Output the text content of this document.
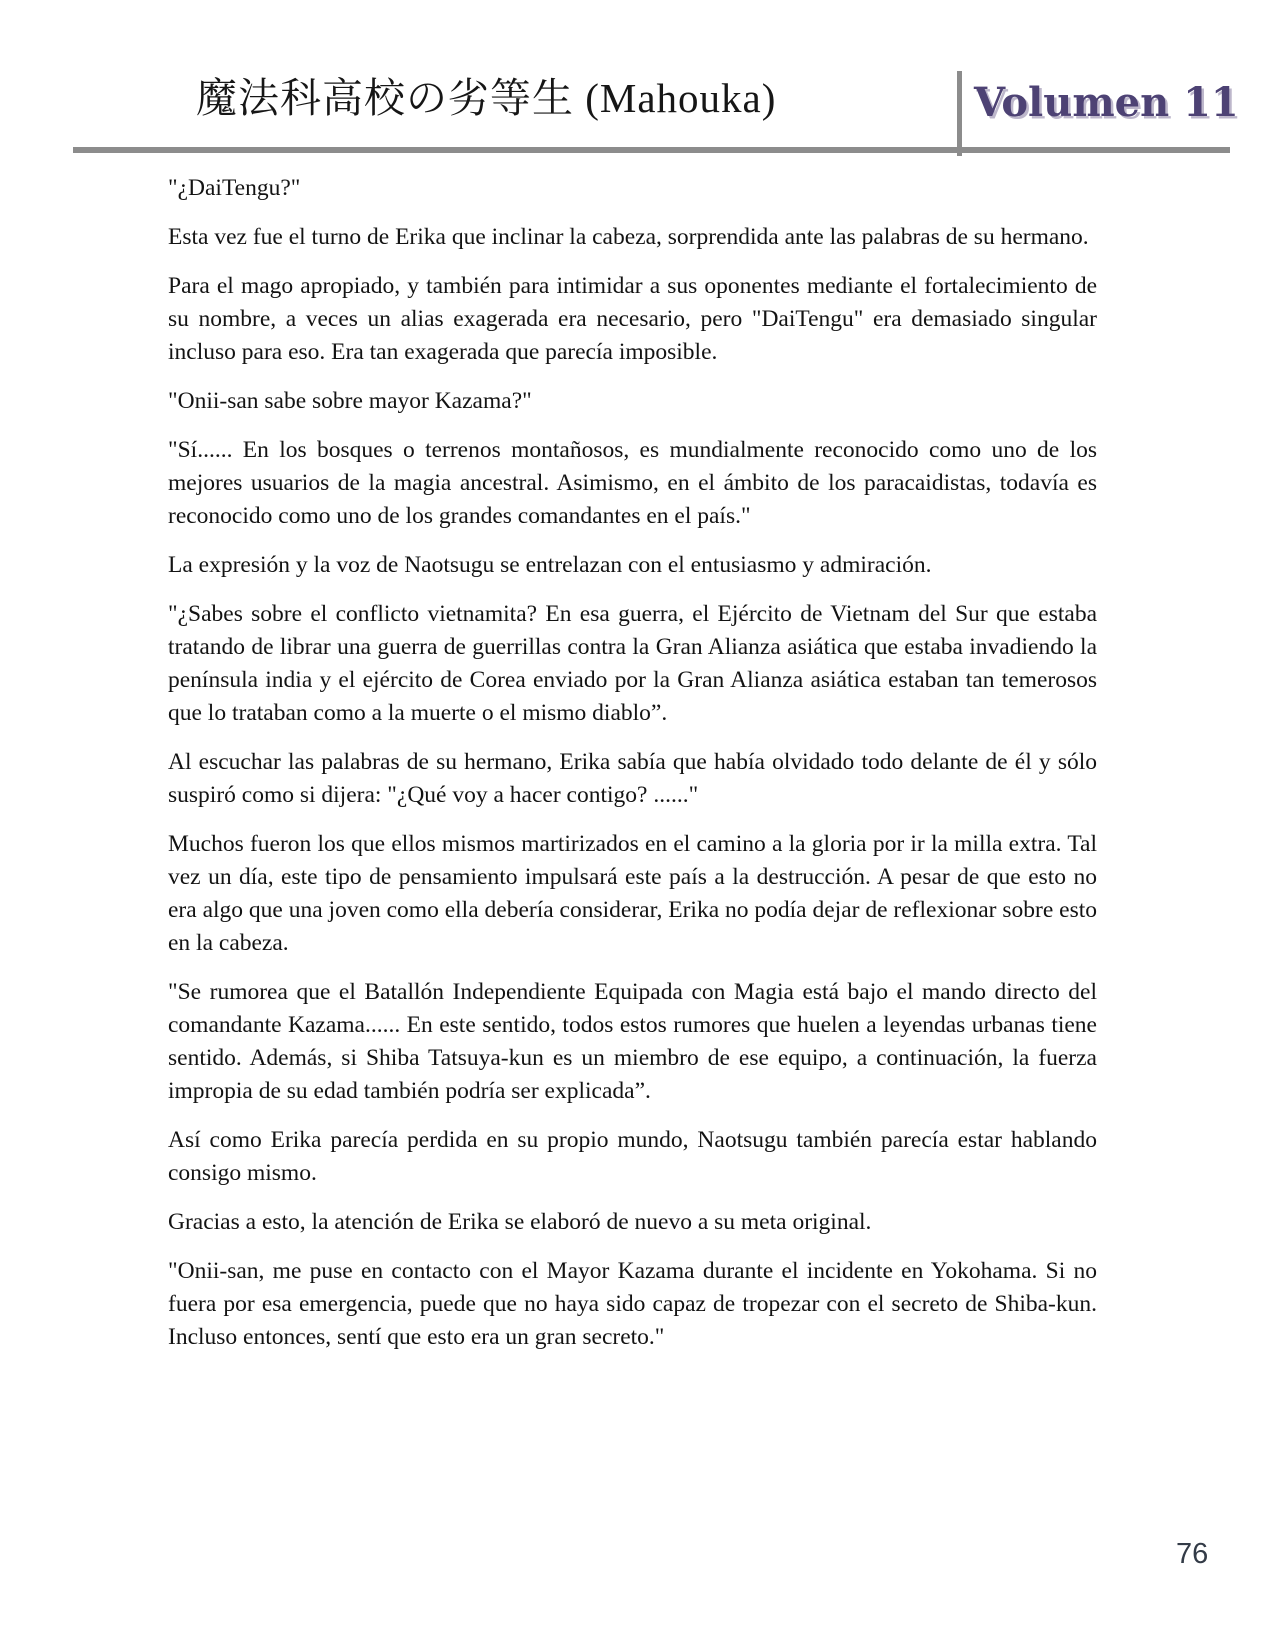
魔法科高校の劣等生 (Mahouka)	Volumen 11

"¿DaiTengu?"

Esta vez fue el turno de Erika que inclinar la cabeza, sorprendida ante las palabras de su hermano.

Para el mago apropiado, y también para intimidar a sus oponentes mediante el fortalecimiento de su nombre, a veces un alias exagerada era necesario, pero "DaiTengu" era demasiado singular incluso para eso. Era tan exagerada que parecía imposible.

"Onii-san sabe sobre mayor Kazama?"

"Sí...... En los bosques o terrenos montañosos, es mundialmente reconocido como uno de los mejores usuarios de la magia ancestral. Asimismo, en el ámbito de los paracaidistas, todavía es reconocido como uno de los grandes comandantes en el país."

La expresión y la voz de Naotsugu se entrelazan con el entusiasmo y admiración.

"¿Sabes sobre el conflicto vietnamita? En esa guerra, el Ejército de Vietnam del Sur que estaba tratando de librar una guerra de guerrillas contra la Gran Alianza asiática que estaba invadiendo la península india y el ejército de Corea enviado por la Gran Alianza asiática estaban tan temerosos que lo trataban como a la muerte o el mismo diablo”.

Al escuchar las palabras de su hermano, Erika sabía que había olvidado todo delante de él y sólo suspiró como si dijera: "¿Qué voy a hacer contigo? ......"

Muchos fueron los que ellos mismos martirizados en el camino a la gloria por ir la milla extra. Tal vez un día, este tipo de pensamiento impulsará este país a la destrucción. A pesar de que esto no era algo que una joven como ella debería considerar, Erika no podía dejar de reflexionar sobre esto en la cabeza.

"Se rumorea que el Batallón Independiente Equipada con Magia está bajo el mando directo del comandante Kazama...... En este sentido, todos estos rumores que huelen a leyendas urbanas tiene sentido. Además, si Shiba Tatsuya-kun es un miembro de ese equipo, a continuación, la fuerza impropia de su edad también podría ser explicada”.

Así como Erika parecía perdida en su propio mundo, Naotsugu también parecía estar hablando consigo mismo.

Gracias a esto, la atención de Erika se elaboró de nuevo a su meta original.

"Onii-san, me puse en contacto con el Mayor Kazama durante el incidente en Yokohama. Si no fuera por esa emergencia, puede que no haya sido capaz de tropezar con el secreto de Shiba-kun. Incluso entonces, sentí que esto era un gran secreto."

76
